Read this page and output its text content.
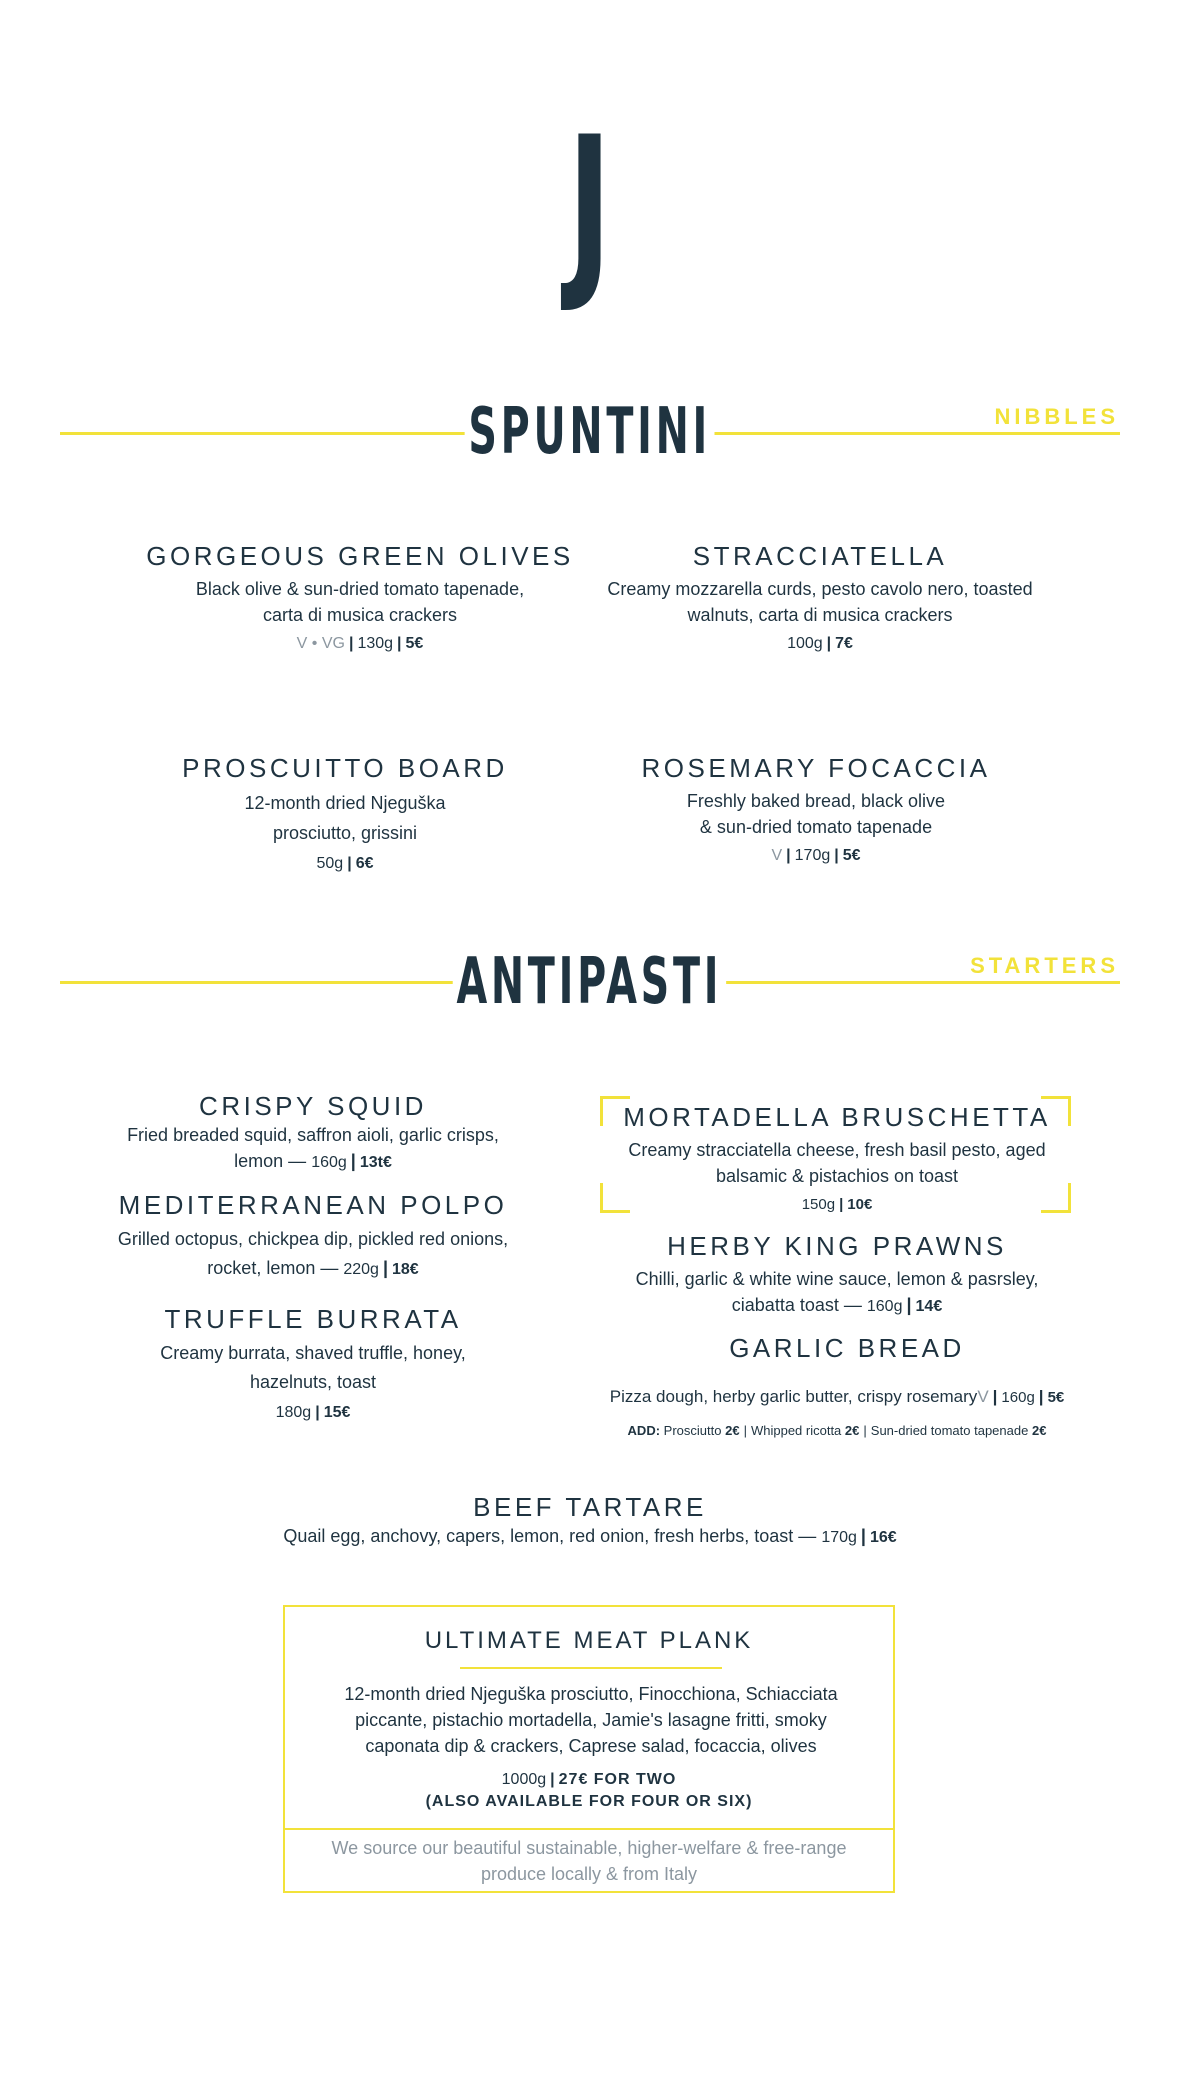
J
SPUNTINI	NIBBLES
GORGEOUS GREEN OLIVES
Black olive & sun-dried tomato tapenade,
carta di musica crackers
V • VG | 130g | 5€
STRACCIATELLA
Creamy mozzarella curds, pesto cavolo nero, toasted
walnuts, carta di musica crackers
100g | 7€
PROSCUITTO BOARD
12-month dried Njeguška
prosciutto, grissini
50g | 6€
ROSEMARY FOCACCIA
Freshly baked bread, black olive
& sun-dried tomato tapenade
V | 170g | 5€
ANTIPASTI	STARTERS
CRISPY SQUID
Fried breaded squid, saffron aioli, garlic crisps,
lemon — 160g | 13t€
MEDITERRANEAN POLPO
Grilled octopus, chickpea dip, pickled red onions,
rocket, lemon — 220g | 18€
TRUFFLE BURRATA
Creamy burrata, shaved truffle, honey,
hazelnuts, toast
180g | 15€
MORTADELLA BRUSCHETTA
Creamy stracciatella cheese, fresh basil pesto, aged
balsamic & pistachios on toast
150g | 10€
HERBY KING PRAWNS
Chilli, garlic & white wine sauce, lemon & pasrsley,
ciabatta toast — 160g | 14€
GARLIC BREAD
Pizza dough, herby garlic butter, crispy rosemaryV | 160g | 5€
ADD: Prosciutto 2€ | Whipped ricotta 2€ | Sun-dried tomato tapenade 2€
BEEF TARTARE
Quail egg, anchovy, capers, lemon, red onion, fresh herbs, toast — 170g | 16€
ULTIMATE MEAT PLANK
12-month dried Njeguška prosciutto, Finocchiona, Schiacciata piccante, pistachio mortadella, Jamie's lasagne fritti, smoky caponata dip & crackers, Caprese salad, focaccia, olives
1000g | 27€ FOR TWO
(ALSO AVAILABLE FOR FOUR OR SIX)
We source our beautiful sustainable, higher-welfare & free-range produce locally & from Italy
